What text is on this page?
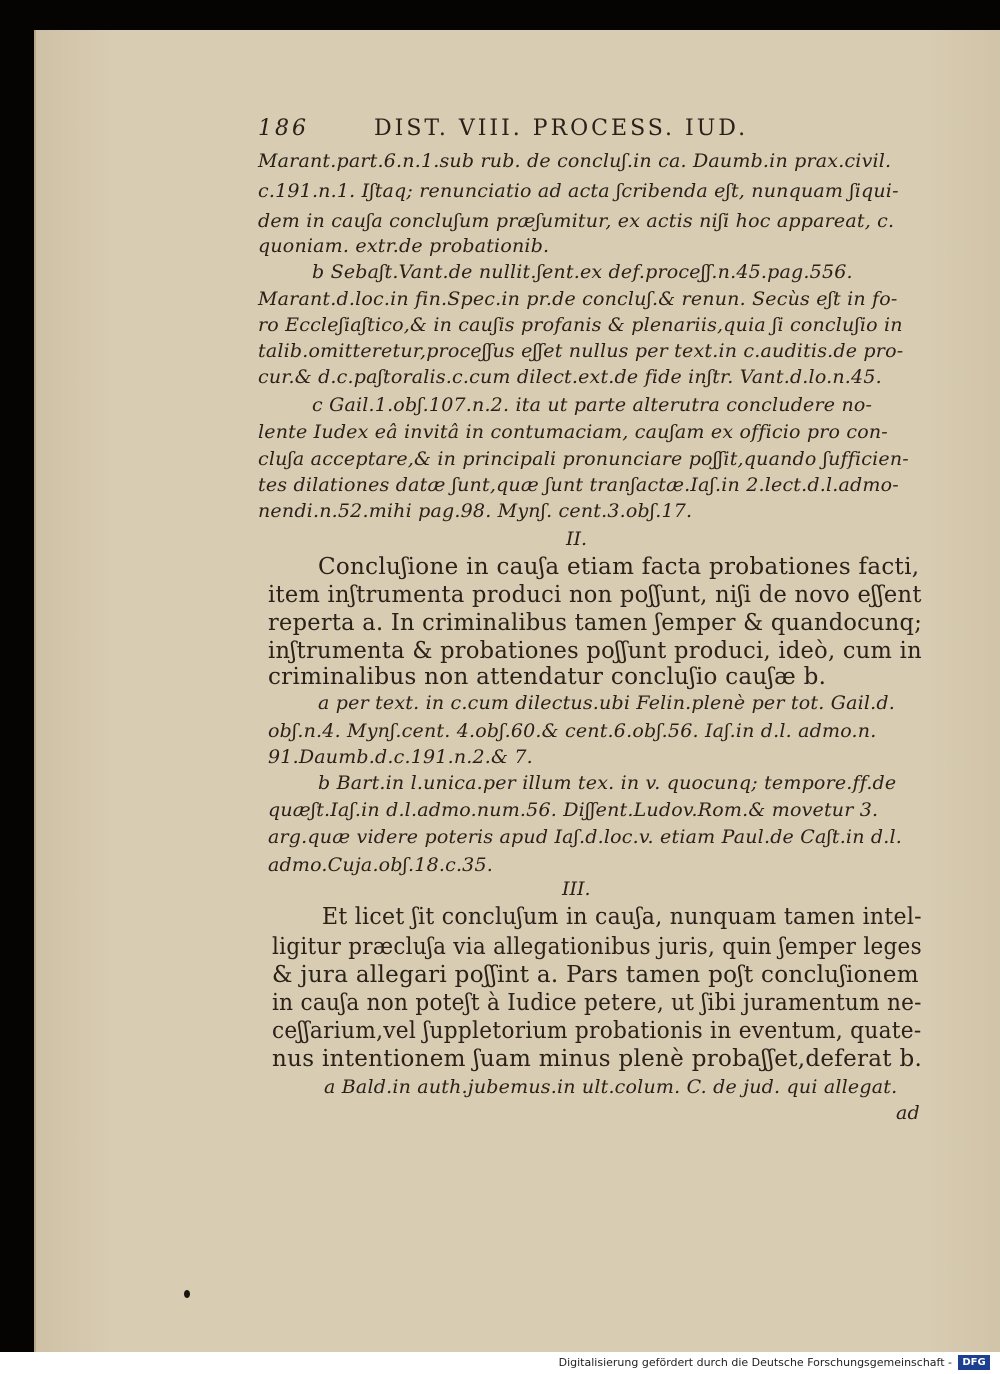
186	DIST. VIII. PROCESS. IUD.
Marant.part.6.n.1.sub rub. de concluʃ.in ca. Daumb.in prax.civil.
c.191.n.1. Iʃtaq; renunciatio ad acta ʃcribenda eʃt, nunquam ʃiqui-
dem in cauʃa concluʃum præʃumitur, ex actis niʃi hoc appareat, c.
quoniam. extr.de probationib.
b Sebaʃt.Vant.de nullit.ʃent.ex def.proceʃʃ.n.45.pag.556.
Marant.d.loc.in fin.Spec.in pr.de concluʃ.& renun. Secùs eʃt in fo-
ro Eccleʃiaʃtico,& in cauʃis profanis & plenariis,quia ʃi concluʃio in
talib.omitteretur,proceʃʃus eʃʃet nullus per text.in c.auditis.de pro-
cur.& d.c.paʃtoralis.c.cum dilect.ext.de fide inʃtr. Vant.d.lo.n.45.
c Gail.1.obʃ.107.n.2. ita ut parte alterutra concludere no-
lente Iudex eâ invitâ in contumaciam, cauʃam ex officio pro con-
cluʃa acceptare,& in principali pronunciare poʃʃit,quando ʃufficien-
tes dilationes datæ ʃunt,quæ ʃunt tranʃactæ.Iaʃ.in 2.lect.d.l.admo-
nendi.n.52.mihi pag.98. Mynʃ. cent.3.obʃ.17.
II.
Concluʃione in cauʃa etiam facta probationes facti,
item inʃtrumenta produci non poʃʃunt, niʃi de novo eʃʃent
reperta a. In criminalibus tamen ʃemper & quandocunq;
inʃtrumenta & probationes poʃʃunt produci, ideò, cum in
criminalibus non attendatur concluʃio cauʃæ b.
a per text. in c.cum dilectus.ubi Felin.plenè per tot. Gail.d.
obʃ.n.4. Mynʃ.cent. 4.obʃ.60.& cent.6.obʃ.56. Iaʃ.in d.l. admo.n.
91.Daumb.d.c.191.n.2.& 7.
b Bart.in l.unica.per illum tex. in v. quocunq; tempore.ff.de
quæʃt.Iaʃ.in d.l.admo.num.56. Diʃʃent.Ludov.Rom.& movetur 3.
arg.quæ videre poteris apud Iaʃ.d.loc.v. etiam Paul.de Caʃt.in d.l.
admo.Cuja.obʃ.18.c.35.
III.
Et licet ʃit concluʃum in cauʃa, nunquam tamen intel-
ligitur præcluʃa via allegationibus juris, quin ʃemper leges
& jura allegari poʃʃint a. Pars tamen poʃt concluʃionem
in cauʃa non poteʃt à Iudice petere, ut ʃibi juramentum ne-
ceʃʃarium,vel ʃuppletorium probationis in eventum, quate-
nus intentionem ʃuam minus plenè probaʃʃet,deferat b.
a Bald.in auth.jubemus.in ult.colum. C. de jud. qui allegat.
ad
Digitalisierung gefördert durch die Deutsche Forschungsgemeinschaft -	DFG
